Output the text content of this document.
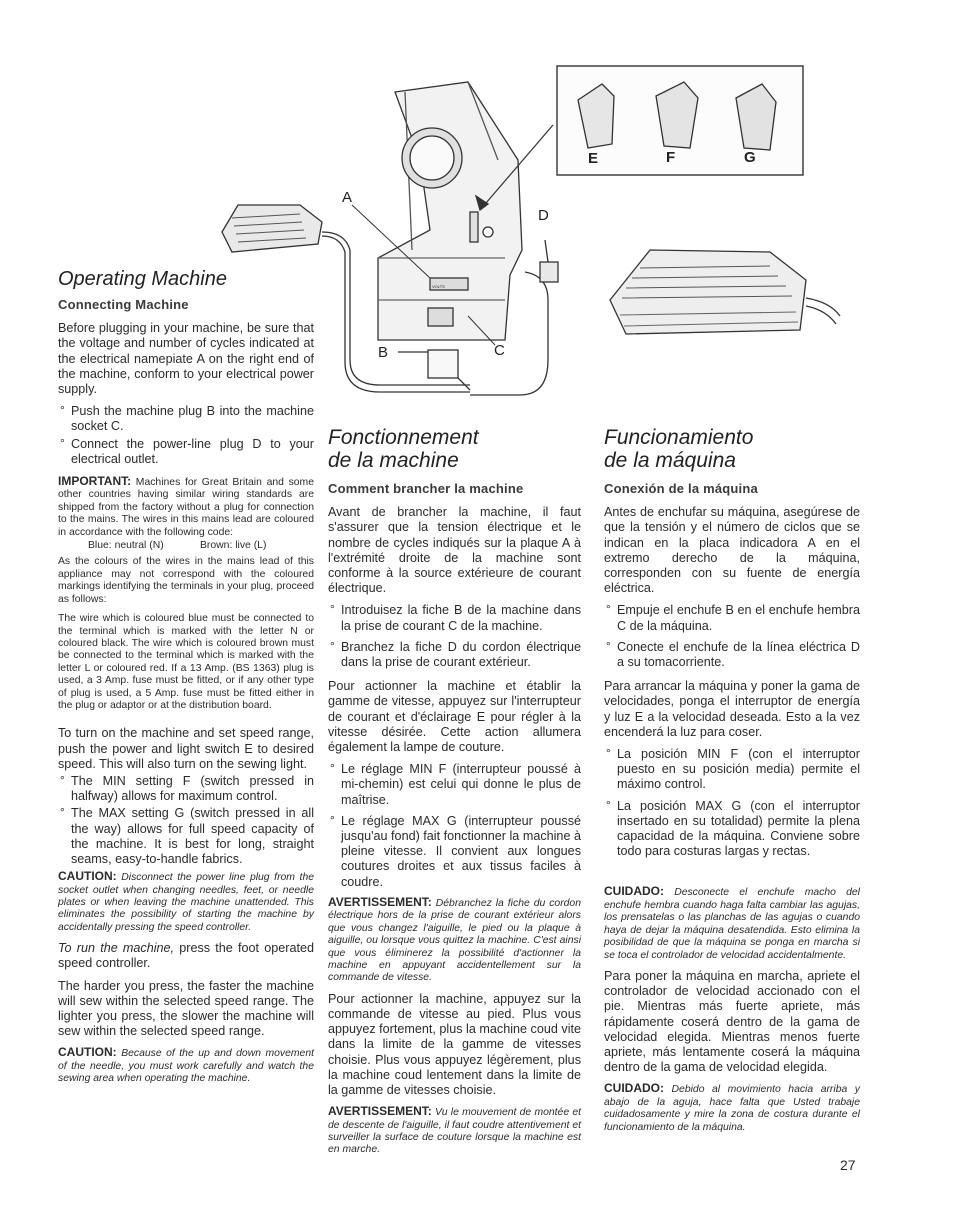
A
B	C
D
E	F	G
VOLTS
Operating Machine
Connecting Machine

Before plugging in your machine, be sure that the voltage and number of cycles indicated at the electrical namepiate A on the right end of the machine, conform to your electrical power supply.

° Push the machine plug B into the machine socket C.
° Connect the power-line plug D to your electrical outlet.
IMPORTANT: Machines for Great Britain and some other countries having similar wiring standards are shipped from the factory without a plug for connection to the mains. The wires in this mains lead are coloured in accordance with the following code:
Blue: neutral (N)	Brown: live (L)

As the colours of the wires in the mains lead of this appliance may not correspond with the coloured markings identifying the terminals in your plug, proceed as follows:

The wire which is coloured blue must be connected to the terminal which is marked with the letter N or coloured black. The wire which is coloured brown must be connected to the terminal which is marked with the letter L or coloured red. If a 13 Amp. (BS 1363) plug is used, a 3 Amp. fuse must be fitted, or if any other type of plug is used, a 5 Amp. fuse must be fitted either in the plug or adaptor or at the distribution board.

To turn on the machine and set speed range, push the power and light switch E to desired speed. This will also turn on the sewing light.

° The MIN setting F (switch pressed in halfway) allows for maximum control.
° The MAX setting G (switch pressed in all the way) allows for full speed capacity of the machine. It is best for long, straight seams, easy-to-handle fabrics.

CAUTION: Disconnect the power line plug from the socket outlet when changing needles, feet, or needle plates or when leaving the machine unattended. This eliminates the possibility of starting the machine by accidentally pressing the speed controller.

To run the machine, press the foot operated speed controller.

The harder you press, the faster the machine will sew within the selected speed range. The lighter you press, the slower the machine will sew within the selected speed range.

CAUTION: Because of the up and down movement of the needle, you must work carefully and watch the sewing area when operating the machine.

Fonctionnement
de la machine
Comment brancher la machine

Avant de brancher la machine, il faut s'assurer que la tension électrique et le nombre de cycles indiqués sur la plaque A à l'extrémité droite de la machine sont conforme à la source extérieure de courant électrique.

° Introduisez la fiche B de la machine dans la prise de courant C de la machine.
° Branchez la fiche D du cordon électrique dans la prise de courant extérieur.

Pour actionner la machine et établir la gamme de vitesse, appuyez sur l'interrupteur de courant et d'éclairage E pour régler à la vitesse désirée. Cette action allumera également la lampe de couture.

° Le réglage MIN F (interrupteur poussé à mi-chemin) est celui qui donne le plus de maîtrise.
° Le réglage MAX G (interrupteur poussé jusqu'au fond) fait fonctionner la machine à pleine vitesse. Il convient aux longues coutures droites et aux tissus faciles à coudre.

AVERTISSEMENT: Débranchez la fiche du cordon électrique hors de la prise de courant extérieur alors que vous changez l'aiguille, le pied ou la plaque à aiguille, ou lorsque vous quittez la machine. C'est ainsi que vous éliminerez la possibilité d'actionner la machine en appuyant accidentellement sur la commande de vitesse.

Pour actionner la machine, appuyez sur la commande de vitesse au pied. Plus vous appuyez fortement, plus la machine coud vite dans la limite de la gamme de vitesses choisie. Plus vous appuyez légèrement, plus la machine coud lentement dans la limite de la gamme de vitesses choisie.

AVERTISSEMENT: Vu le mouvement de montée et de descente de l'aiguille, il faut coudre attentivement et surveiller la surface de couture lorsque la machine est en marche.

Funcionamiento
de la máquina
Conexión de la máquina

Antes de enchufar su máquina, asegúrese de que la tensión y el número de ciclos que se indican en la placa indicadora A en el extremo derecho de la máquina, corresponden con su fuente de energía eléctrica.

° Empuje el enchufe B en el enchufe hembra C de la máquina.
° Conecte el enchufe de la línea eléctrica D a su tomacorriente.

Para arrancar la máquina y poner la gama de velocidades, ponga el interruptor de energía y luz E a la velocidad deseada. Esto a la vez encenderá la luz para coser.

° La posición MIN F (con el interruptor puesto en su posición media) permite el máximo control.
° La posición MAX G (con el interruptor insertado en su totalidad) permite la plena capacidad de la máquina. Conviene sobre todo para costuras largas y rectas.

CUIDADO: Desconecte el enchufe macho del enchufe hembra cuando haga falta cambiar las agujas, los prensatelas o las planchas de las agujas o cuando haya de dejar la máquina desatendida. Esto elimina la posibilidad de que la máquina se ponga en marcha si se toca el controlador de velocidad accidentalmente.

Para poner la máquina en marcha, apriete el controlador de velocidad accionado con el pie. Mientras más fuerte apriete, más rápidamente coserá dentro de la gama de velocidad elegida. Mientras menos fuerte apriete, más lentamente coserá la máquina dentro de la gama de velocidad elegida.

CUIDADO: Debido al movimiento hacia arriba y abajo de la aguja, hace falta que Usted trabaje cuidadosamente y mire la zona de costura durante el funcionamiento de la máquina.

27
